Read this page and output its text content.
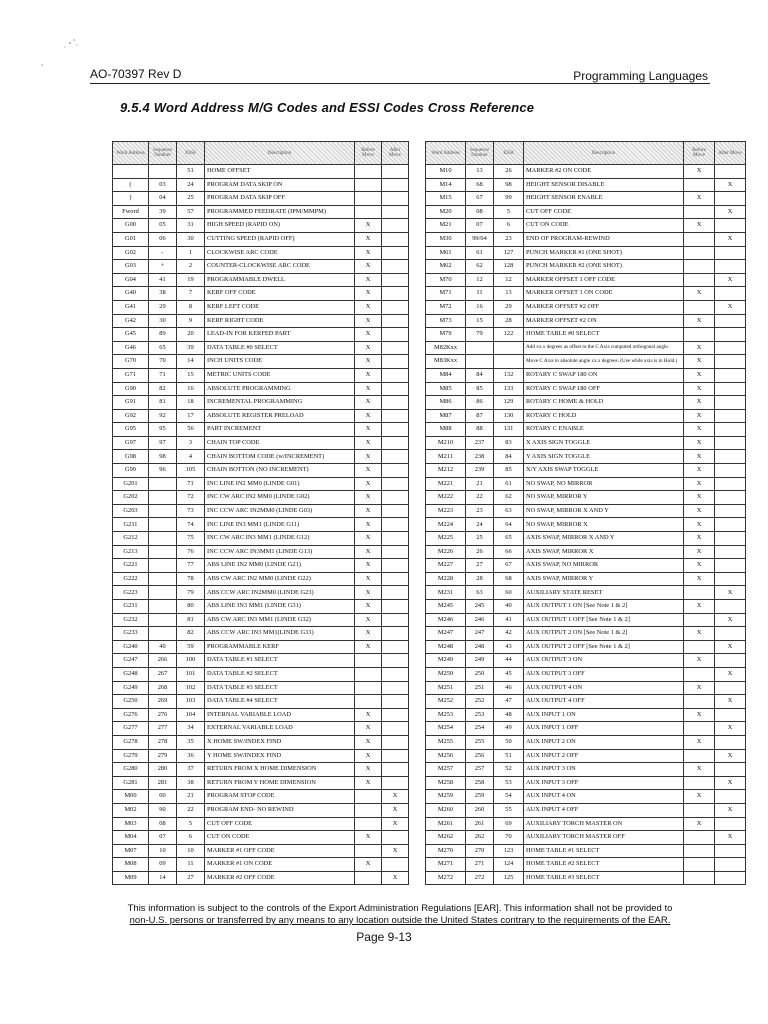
AO-70397 Rev D	Programming Languages
9.5.4 Word Address M/G Codes and ESSI Codes Cross Reference
Word Address	Sequence Number	ESSI	Description	Before Move	After Move
		51	HOME OFFSET		
(	03	24	PROGRAM DATA SKIP ON		
)	04	25	PROGRAM DATA SKIP OFF		
Fword	39	57	PROGRAMMED FEEDRATE (IPM/MMPM)		
G00	05	31	HIGH SPEED (RAPID ON)	X	
G01	06	30	CUTTING SPEED (RAPID OFF)	X	
G02	-	1	CLOCKWISE ARC CODE	X	
G03	+	2	COUNTER-CLOCKWISE ARC CODE	X	
G04	41	19	PROGRAMMABLE DWELL	X	
G40	38	7	KERF OFF CODE	X	
G41	29	8	KERF LEFT CODE	X	
G42	30	9	KERF RIGHT CODE	X	
G45	89	20	LEAD-IN FOR KERFED PART	X	
G46	65	39	DATA TABLE #0 SELECT	X	
G70	70	14	INCH UNITS CODE	X	
G71	71	15	METRIC UNITS CODE	X	
G90	82	16	ABSOLUTE PROGRAMMING	X	
G91	81	18	INCREMENTAL PROGRAMMING	X	
G92	92	17	ABSOLUTE REGISTER PRELOAD	X	
G95	95	56	PART INCREMENT	X	
G97	97	3	CHAIN TOP CODE	X	
G98	98	4	CHAIN BOTTOM CODE (w/INCREMENT)	X	
G99	96	105	CHAIN BOTTON (NO INCREMENT)	X	
G201		71	INC LINE IN2 MM0 (LINDE G01)	X	
G202		72	INC CW ARC IN2 MM0 (LINDE G02)	X	
G203		73	INC CCW ARC IN2MM0 (LINDE G03)	X	
G211		74	INC LINE IN3 MM1 (LINDE G11)	X	
G212		75	INC CW ARC IN3 MM1 (LINDE G12)	X	
G213		76	INC CCW ARC IN3MM1 (LINDE G13)	X	
G221		77	ABS LINE IN2 MM0 (LINDE G21)	X	
G222		78	ABS CW ARC IN2 MM0 (LINDE G22)	X	
G223		79	ABS CCW ARC IN2MM0 (LINDE G23)	X	
G231		80	ABS LINE IN3 MM1 (LINDE G31)	X	
G232		81	ABS CW ARC IN3 MM1 (LINDE G32)	X	
G233		82	ABS CCW ARC IN3 MM1(LINDE G33)	X	
G240	40	59	PROGRAMMABLE KERF	X	
G247	266	100	DATA TABLE #1 SELECT		
G248	267	101	DATA TABLE #2 SELECT		
G249	268	102	DATA TABLE #3 SELECT		
G250	269	103	DATA TABLE #4 SELECT		
G276	276	104	INTERNAL VARIABLE LOAD	X	
G277	277	34	EXTERNAL VARIABLE LOAD	X	
G278	278	35	X HOME SW/INDEX FIND	X	
G279	279	36	Y HOME SW/INDEX FIND	X	
G280	280	37	RETURN FROM X HOME DIMENSION	X	
G281	281	38	RETURN FROM Y HOME DIMENSION	X	
M00	00	21	PROGRAM STOP CODE		X
M02	90	22	PROGRAM END- NO REWIND		X
M03	08	5	CUT OFF CODE		X
M04	07	6	CUT ON CODE	X	
M07	10	10	MARKER #1 OFF CODE		X
M08	09	11	MARKER #1 ON CODE	X	
M09	14	27	MARKER #2 OFF CODE		X
Word Address	Sequence Number	ESSI	Description	Before Move	After Move
M10	13	26	MARKER #2 ON CODE	X	
M14	68	98	HEIGHT SENSOR DISABLE		X
M15	67	99	HEIGHT SENSOR ENABLE	X	
M20	08	5	CUT OFF CODE		X
M21	07	6	CUT ON CODE	X	
M30	99/04	23	END OF PROGRAM-REWIND		X
M61	61	127	PUNCH MARKER #1 (ONE SHOT)		
M62	62	128	PUNCH MARKER #2 (ONE SHOT)		
M70	12	12	MARKER OFFSET 1 OFF CODE		X
M71	11	13	MARKER OFFSET 1 ON CODE	X	
M72	16	29	MARKER OFFSET #2 OFF		X
M73	15	28	MARKER OFFSET #2 ON	X	
M79	79	122	HOME TABLE #0 SELECT		
M82Kxx			Add xx.x degrees as offset to the C Axis computed orthogonal angle.	X	
M83Kxx			Move C Axis to absolute angle xx.x degrees. (Use while axis is in Hold.)	X	
M84	84	132	ROTARY C SWAP 180 ON	X	
M85	85	133	ROTARY C SWAP 180 OFF	X	
M86	86	129	ROTARY C HOME & HOLD	X	
M87	87	130	ROTARY C HOLD	X	
M88	88	131	ROTARY C ENABLE	X	
M210	237	83	X AXIS SIGN TOGGLE	X	
M211	238	84	Y AXIS SIGN TOGGLE	X	
M212	239	85	X/Y AXIS SWAP TOGGLE	X	
M221	21	61	NO SWAP, NO MIRROR	X	
M222	22	62	NO SWAP, MIRROR Y	X	
M223	23	63	NO SWAP, MIRROR X AND Y	X	
M224	24	64	NO SWAP, MIRROR X	X	
M225	25	65	AXIS SWAP, MIRROR X AND Y	X	
M226	26	66	AXIS SWAP, MIRROR X	X	
M227	27	67	AXIS SWAP, NO MIRROR	X	
M228	28	68	AXIS SWAP, MIRROR Y	X	
M231	63	60	AUXILIARY STATE RESET		X
M245	245	40	AUX OUTPUT 1 ON [See Note 1 & 2]	X	
M246	246	41	AUX OUTPUT 1 OFF [See Note 1 & 2]		X
M247	247	42	AUX OUTPUT 2 ON [See Note 1 & 2]	X	
M248	248	43	AUX OUTPUT 2 OFF [See Note 1 & 2]		X
M249	249	44	AUX OUTPUT 3 ON	X	
M250	250	45	AUX OUTPUT 3 OFF		X
M251	251	46	AUX OUTPUT 4 ON	X	
M252	252	47	AUX OUTPUT 4 OFF		X
M253	253	48	AUX INPUT 1 ON	X	
M254	254	49	AUX INPUT 1 OFF		X
M255	255	50	AUX INPUT 2 ON	X	
M256	256	51	AUX INPUT 2 OFF		X
M257	257	52	AUX INPUT 3 ON	X	
M258	258	53	AUX INPUT 3 OFF		X
M259	259	54	AUX INPUT 4 ON	X	
M260	260	55	AUX INPUT 4 OFF		X
M261	261	69	AUXILIARY TORCH MASTER ON	X	
M262	262	70	AUXILIARY TORCH MASTER OFF		X
M270	270	123	HOME TABLE #1 SELECT		
M271	271	124	HOME TABLE #2 SELECT		
M272	272	125	HOME TABLE #3 SELECT		
This information is subject to the controls of the Export Administration Regulations [EAR]. This information shall not be provided to
non-U.S. persons or transferred by any means to any location outside the United States contrary to the requirements of the EAR.
Page 9-13
